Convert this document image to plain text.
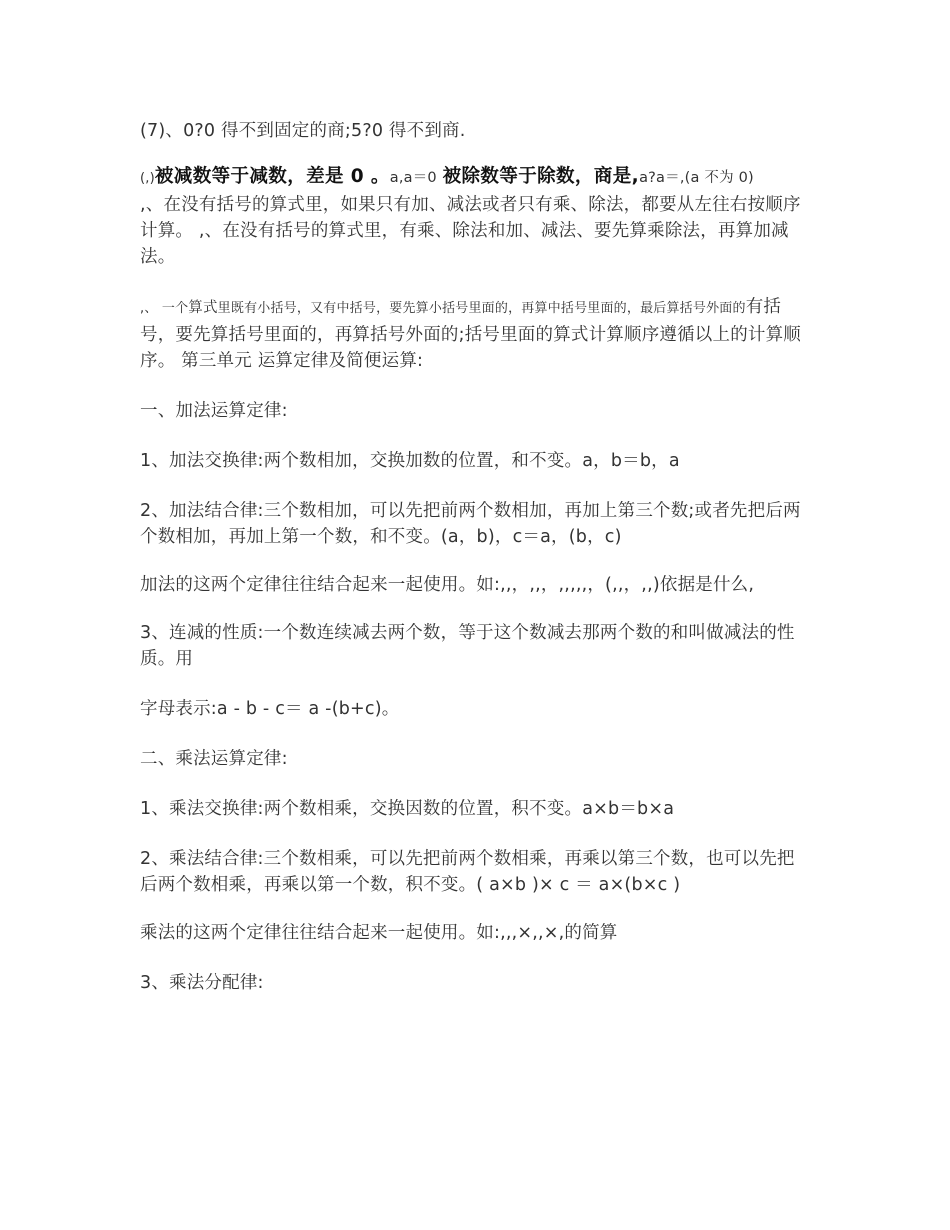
(7)、0?0 得不到固定的商;5?0 得不到商.

(,)被减数等于减数，差是 0 。a,a＝0 被除数等于除数，商是,a?a＝,(a 不为 0)
,、在没有括号的算式里，如果只有加、减法或者只有乘、除法，都要从左往右按顺序计算。 ,、在没有括号的算式里，有乘、除法和加、减法、要先算乘除法，再算加减法。

,、 一个算式里既有小括号，又有中括号，要先算小括号里面的，再算中括号里面的，最后算括号外面的有括号，要先算括号里面的，再算括号外面的;括号里面的算式计算顺序遵循以上的计算顺序。 第三单元 运算定律及简便运算:

一、加法运算定律:

1、加法交换律:两个数相加，交换加数的位置，和不变。a，b＝b，a

2、加法结合律:三个数相加，可以先把前两个数相加，再加上第三个数;或者先把后两个数相加，再加上第一个数，和不变。(a，b)，c＝a，(b，c)

加法的这两个定律往往结合起来一起使用。如:,,，,,，,,,,,，(,,，,,)依据是什么,

3、连减的性质:一个数连续减去两个数，等于这个数减去那两个数的和叫做减法的性质。用

字母表示:a - b - c＝ a -(b+c)。

二、乘法运算定律:

1、乘法交换律:两个数相乘，交换因数的位置，积不变。a×b＝b×a

2、乘法结合律:三个数相乘，可以先把前两个数相乘，再乘以第三个数，也可以先把后两个数相乘，再乘以第一个数，积不变。( a×b )× c ＝ a×(b×c )

乘法的这两个定律往往结合起来一起使用。如:,,,×,,×,的简算

3、乘法分配律:
